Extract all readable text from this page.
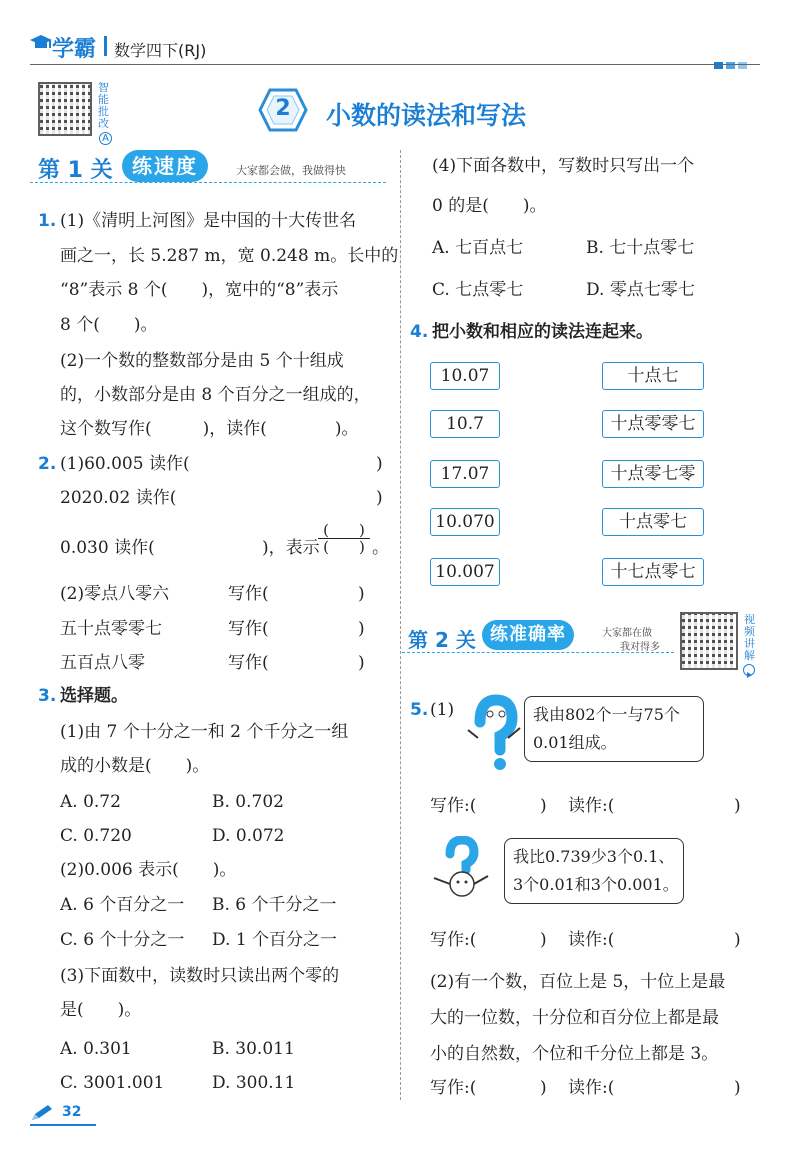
学霸 数学四下(RJ)
智能批改
A
2	小数的读法和写法
第 1 关 练速度	大家都会做，我做得快
1. (1)《清明上河图》是中国的十大传世名
画之一，长 5.287 m，宽 0.248 m。长中的
“8”表示 8 个(　　)，宽中的“8”表示
8 个(　　)。
(2)一个数的整数部分是由 5 个十组成
的，小数部分是由 8 个百分之一组成的，
这个数写作(　　　)，读作(　　　　)。
2. (1)60.005 读作(	)
2020.02 读作(	)
0.030 读作(	)，表示
$\frac{( )}{( )}$ 。
(2)零点八零六	写作(	)
五十点零零七	写作(	)
五百点八零	写作(	)
3. 选择题。
(1)由 7 个十分之一和 2 个千分之一组
成的小数是(　　)。
A. 0.72	B. 0.702
C. 0.720	D. 0.072
(2)0.006 表示(　　)。
A. 6 个百分之一 B. 6 个千分之一
C. 6 个十分之一 D. 1 个百分之一
(3)下面数中，读数时只读出两个零的
是(　　)。
A. 0.301	B. 30.011
C. 3001.001	D. 300.11
32
(4)下面各数中，写数时只写出一个
0 的是(　　)。
A. 七百点七	B. 七十点零七
C. 七点零七	D. 零点七零七
4. 把小数和相应的读法连起来。
10.07
10.7
17.07
10.070
10.007
十点七
十点零零七
十点零七零
十点零七
十七点零七
第 2 关 练准确率	大家都在做
我对得多
视频讲解
5. (1)	我由802个一与75个
0.01组成。
写作:(	) 读作:(	)
我比0.739少3个0.1、
3个0.01和3个0.001。
写作:(	) 读作:(	)
(2)有一个数，百位上是 5，十位上是最
大的一位数，十分位和百分位上都是最
小的自然数，个位和千分位上都是 3。
写作:(	) 读作:(	)
